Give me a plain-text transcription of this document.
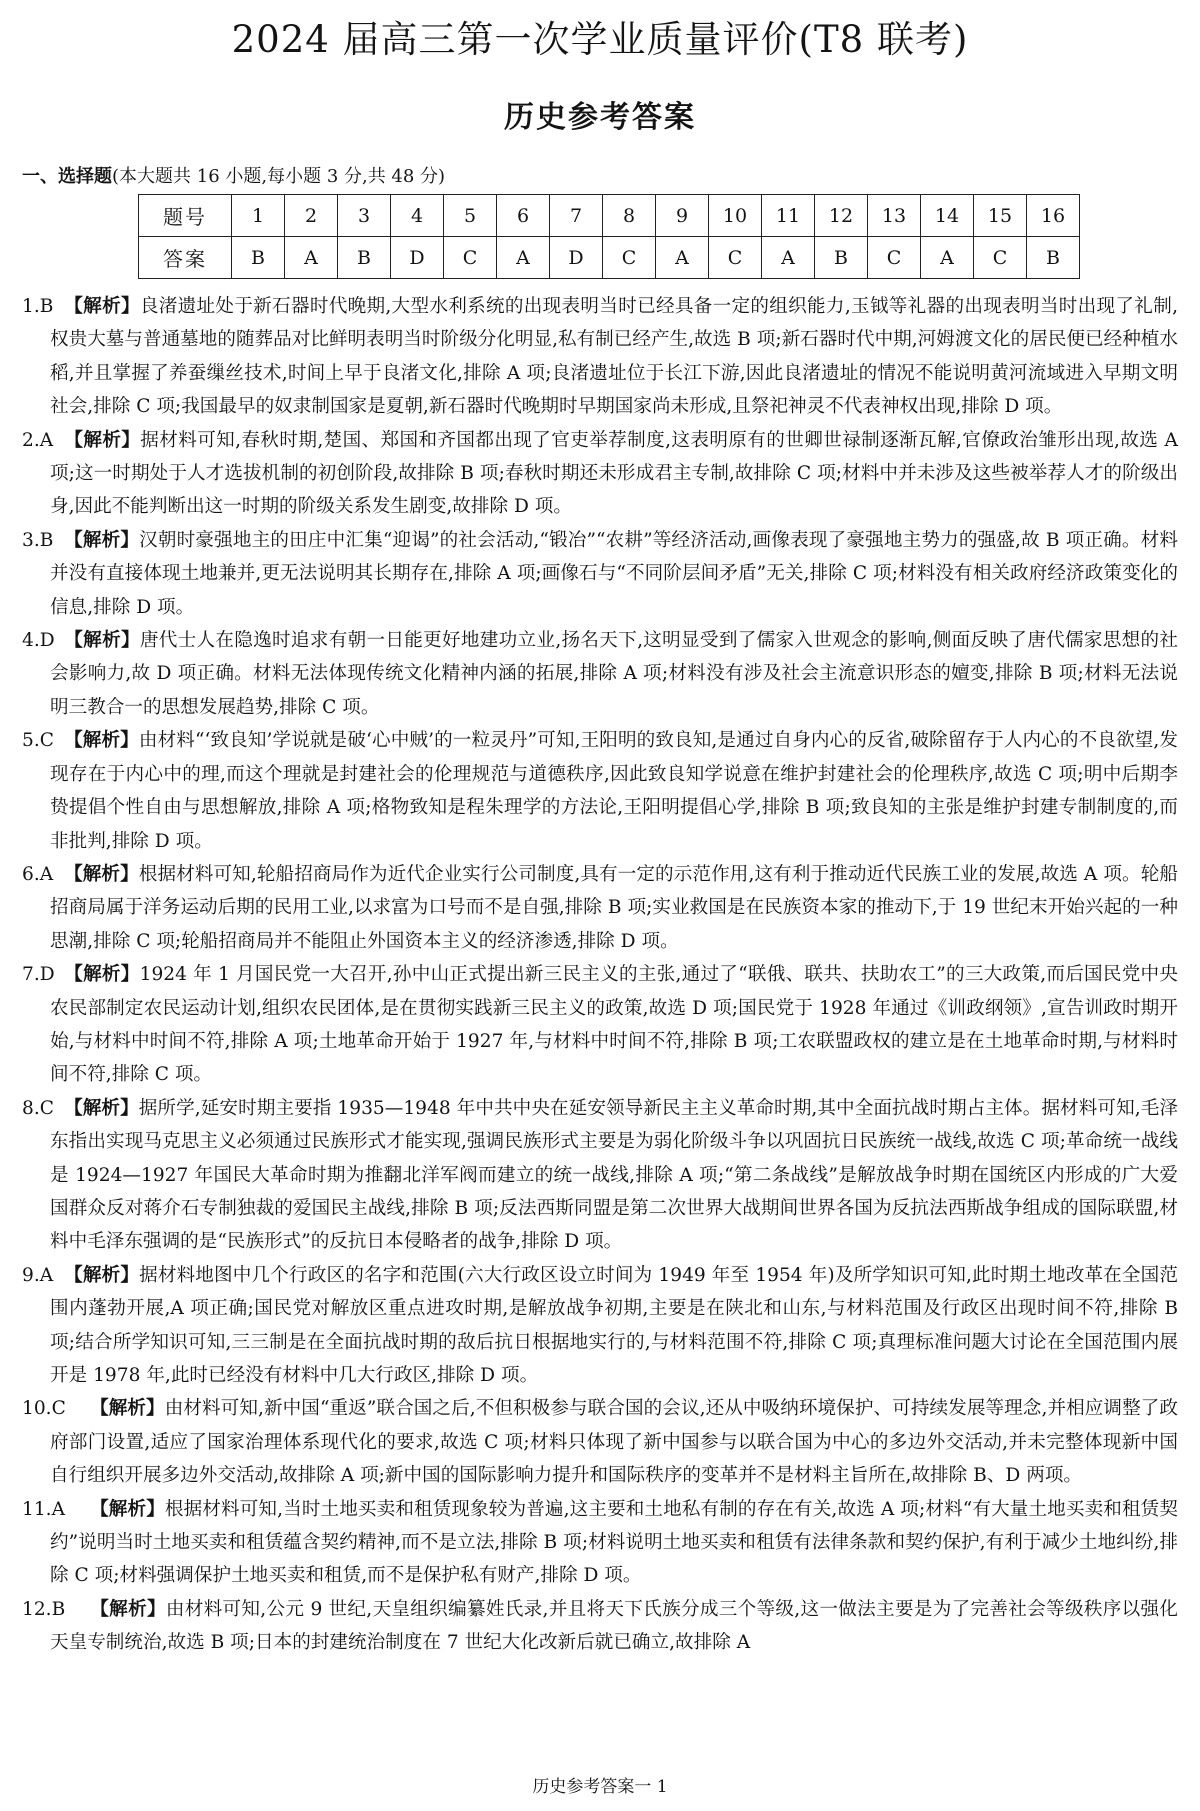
2024 届高三第一次学业质量评价(T8 联考)
历史参考答案
一、选择题(本大题共 16 小题,每小题 3 分,共 48 分)
题号	1	2	3	4	5	6	7	8	9	10	11	12	13	14	15	16
答案	B	A	B	D	C	A	D	C	A	C	A	B	C	A	C	B

1.B 【解析】良渚遗址处于新石器时代晚期,大型水利系统的出现表明当时已经具备一定的组织能力,玉钺等礼器的出现表明当时出现了礼制,权贵大墓与普通墓地的随葬品对比鲜明表明当时阶级分化明显,私有制已经产生,故选 B 项;新石器时代中期,河姆渡文化的居民便已经种植水稻,并且掌握了养蚕缫丝技术,时间上早于良渚文化,排除 A 项;良渚遗址位于长江下游,因此良渚遗址的情况不能说明黄河流域进入早期文明社会,排除 C 项;我国最早的奴隶制国家是夏朝,新石器时代晚期时早期国家尚未形成,且祭祀神灵不代表神权出现,排除 D 项。

2.A 【解析】据材料可知,春秋时期,楚国、郑国和齐国都出现了官吏举荐制度,这表明原有的世卿世禄制逐渐瓦解,官僚政治雏形出现,故选 A 项;这一时期处于人才选拔机制的初创阶段,故排除 B 项;春秋时期还未形成君主专制,故排除 C 项;材料中并未涉及这些被举荐人才的阶级出身,因此不能判断出这一时期的阶级关系发生剧变,故排除 D 项。

3.B 【解析】汉朝时豪强地主的田庄中汇集“迎谒”的社会活动,“锻冶”“农耕”等经济活动,画像表现了豪强地主势力的强盛,故 B 项正确。材料并没有直接体现土地兼并,更无法说明其长期存在,排除 A 项;画像石与“不同阶层间矛盾”无关,排除 C 项;材料没有相关政府经济政策变化的信息,排除 D 项。

4.D 【解析】唐代士人在隐逸时追求有朝一日能更好地建功立业,扬名天下,这明显受到了儒家入世观念的影响,侧面反映了唐代儒家思想的社会影响力,故 D 项正确。材料无法体现传统文化精神内涵的拓展,排除 A 项;材料没有涉及社会主流意识形态的嬗变,排除 B 项;材料无法说明三教合一的思想发展趋势,排除 C 项。

5.C 【解析】由材料“‘致良知’学说就是破‘心中贼’的一粒灵丹”可知,王阳明的致良知,是通过自身内心的反省,破除留存于人内心的不良欲望,发现存在于内心中的理,而这个理就是封建社会的伦理规范与道德秩序,因此致良知学说意在维护封建社会的伦理秩序,故选 C 项;明中后期李贽提倡个性自由与思想解放,排除 A 项;格物致知是程朱理学的方法论,王阳明提倡心学,排除 B 项;致良知的主张是维护封建专制制度的,而非批判,排除 D 项。

6.A 【解析】根据材料可知,轮船招商局作为近代企业实行公司制度,具有一定的示范作用,这有利于推动近代民族工业的发展,故选 A 项。轮船招商局属于洋务运动后期的民用工业,以求富为口号而不是自强,排除 B 项;实业救国是在民族资本家的推动下,于 19 世纪末开始兴起的一种思潮,排除 C 项;轮船招商局并不能阻止外国资本主义的经济渗透,排除 D 项。

7.D 【解析】1924 年 1 月国民党一大召开,孙中山正式提出新三民主义的主张,通过了“联俄、联共、扶助农工”的三大政策,而后国民党中央农民部制定农民运动计划,组织农民团体,是在贯彻实践新三民主义的政策,故选 D 项;国民党于 1928 年通过《训政纲领》,宣告训政时期开始,与材料中时间不符,排除 A 项;土地革命开始于 1927 年,与材料中时间不符,排除 B 项;工农联盟政权的建立是在土地革命时期,与材料时间不符,排除 C 项。

8.C 【解析】据所学,延安时期主要指 1935—1948 年中共中央在延安领导新民主主义革命时期,其中全面抗战时期占主体。据材料可知,毛泽东指出实现马克思主义必须通过民族形式才能实现,强调民族形式主要是为弱化阶级斗争以巩固抗日民族统一战线,故选 C 项;革命统一战线是 1924—1927 年国民大革命时期为推翻北洋军阀而建立的统一战线,排除 A 项;“第二条战线”是解放战争时期在国统区内形成的广大爱国群众反对蒋介石专制独裁的爱国民主战线,排除 B 项;反法西斯同盟是第二次世界大战期间世界各国为反抗法西斯战争组成的国际联盟,材料中毛泽东强调的是“民族形式”的反抗日本侵略者的战争,排除 D 项。

9.A 【解析】据材料地图中几个行政区的名字和范围(六大行政区设立时间为 1949 年至 1954 年)及所学知识可知,此时期土地改革在全国范围内蓬勃开展,A 项正确;国民党对解放区重点进攻时期,是解放战争初期,主要是在陕北和山东,与材料范围及行政区出现时间不符,排除 B 项;结合所学知识可知,三三制是在全面抗战时期的敌后抗日根据地实行的,与材料范围不符,排除 C 项;真理标准问题大讨论在全国范围内展开是 1978 年,此时已经没有材料中几大行政区,排除 D 项。

10.C 【解析】由材料可知,新中国“重返”联合国之后,不但积极参与联合国的会议,还从中吸纳环境保护、可持续发展等理念,并相应调整了政府部门设置,适应了国家治理体系现代化的要求,故选 C 项;材料只体现了新中国参与以联合国为中心的多边外交活动,并未完整体现新中国自行组织开展多边外交活动,故排除 A 项;新中国的国际影响力提升和国际秩序的变革并不是材料主旨所在,故排除 B、D 两项。

11.A 【解析】根据材料可知,当时土地买卖和租赁现象较为普遍,这主要和土地私有制的存在有关,故选 A 项;材料“有大量土地买卖和租赁契约”说明当时土地买卖和租赁蕴含契约精神,而不是立法,排除 B 项;材料说明土地买卖和租赁有法律条款和契约保护,有利于减少土地纠纷,排除 C 项;材料强调保护土地买卖和租赁,而不是保护私有财产,排除 D 项。

12.B 【解析】由材料可知,公元 9 世纪,天皇组织编纂姓氏录,并且将天下氏族分成三个等级,这一做法主要是为了完善社会等级秩序以强化天皇专制统治,故选 B 项;日本的封建统治制度在 7 世纪大化改新后就已确立,故排除 A

历史参考答案一 1
